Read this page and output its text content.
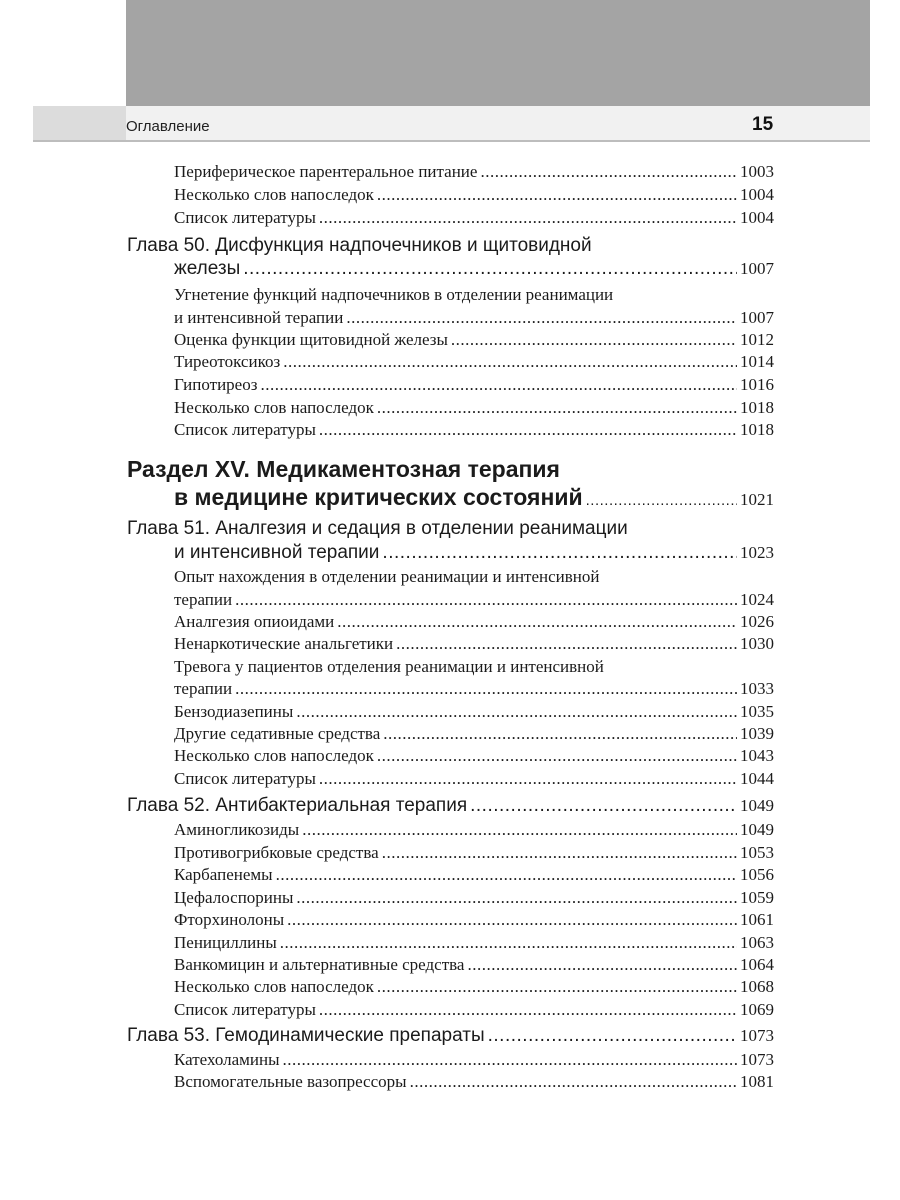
Оглавление	15
Периферическое парентеральное питание .....	1003
Несколько слов напоследок .....	1004
Список литературы .....	1004
Глава 50. Дисфункция надпочечников и щитовидной
железы .....	1007
Угнетение функций надпочечников в отделении реанимации
и интенсивной терапии .....	1007
Оценка функции щитовидной железы .....	1012
Тиреотоксикоз .....	1014
Гипотиреоз .....	1016
Несколько слов напоследок .....	1018
Список литературы .....	1018
Раздел XV. Медикаментозная терапия
в медицине критических состояний .....	1021
Глава 51. Аналгезия и седация в отделении реанимации
и интенсивной терапии .....	1023
Опыт нахождения в отделении реанимации и интенсивной
терапии .....	1024
Аналгезия опиоидами .....	1026
Ненаркотические анальгетики .....	1030
Тревога у пациентов отделения реанимации и интенсивной
терапии .....	1033
Бензодиазепины .....	1035
Другие седативные средства .....	1039
Несколько слов напоследок .....	1043
Список литературы .....	1044
Глава 52. Антибактериальная терапия .....	1049
Аминогликозиды .....	1049
Противогрибковые средства .....	1053
Карбапенемы .....	1056
Цефалоспорины .....	1059
Фторхинолоны .....	1061
Пенициллины .....	1063
Ванкомицин и альтернативные средства .....	1064
Несколько слов напоследок .....	1068
Список литературы .....	1069
Глава 53. Гемодинамические препараты .....	1073
Катехоламины .....	1073
Вспомогательные вазопрессоры .....	1081
